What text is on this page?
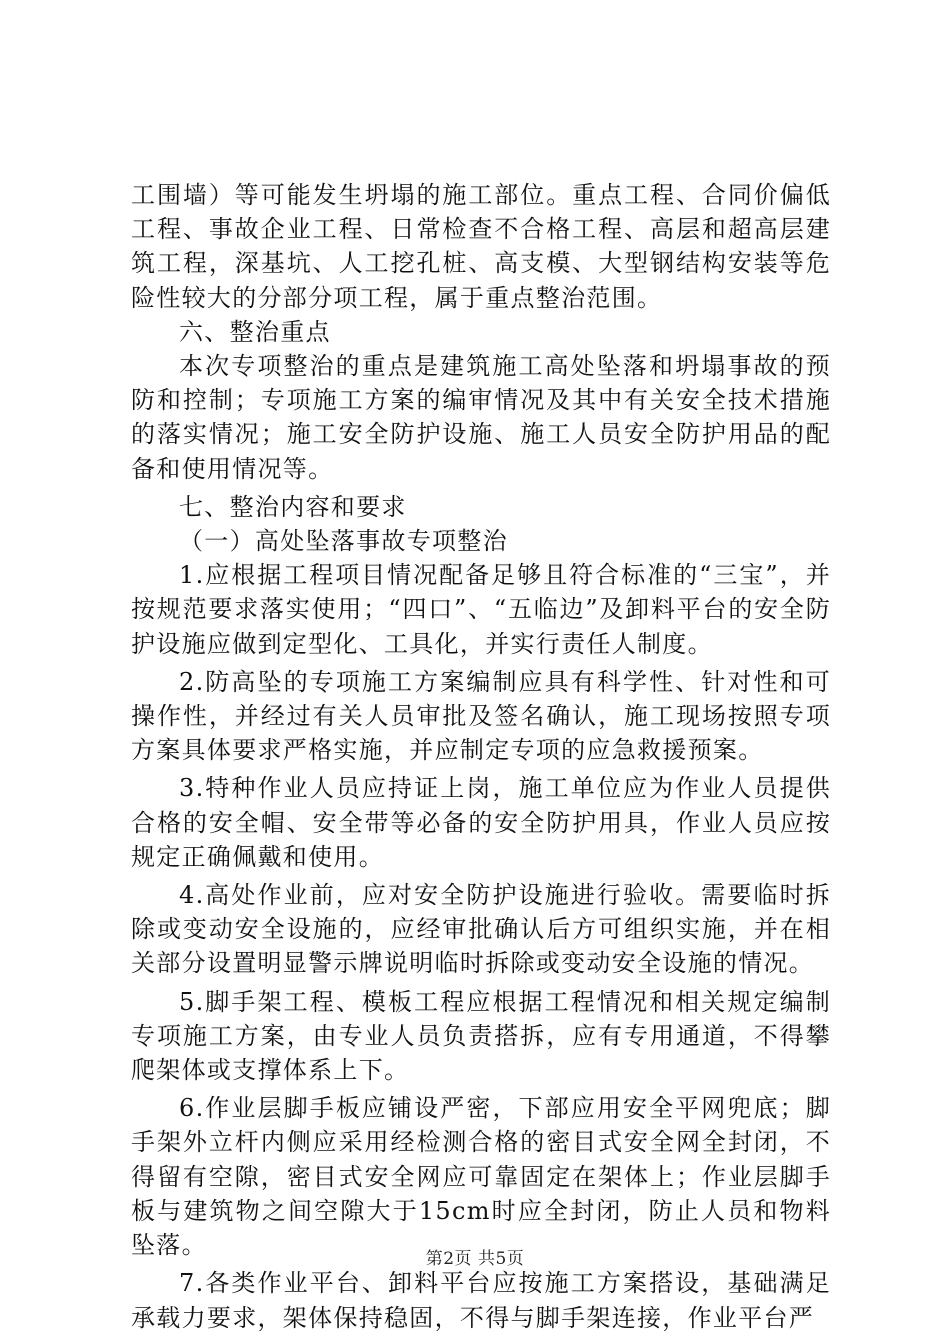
工围墙）等可能发生坍塌的施工部位。重点工程、合同价偏低工程、事故企业工程、日常检查不合格工程、高层和超高层建筑工程，深基坑、人工挖孔桩、高支模、大型钢结构安装等危险性较大的分部分项工程，属于重点整治范围。

六、整治重点

本次专项整治的重点是建筑施工高处坠落和坍塌事故的预防和控制；专项施工方案的编审情况及其中有关安全技术措施的落实情况；施工安全防护设施、施工人员安全防护用品的配备和使用情况等。

七、整治内容和要求

（一）高处坠落事故专项整治

1.应根据工程项目情况配备足够且符合标准的“三宝”，并按规范要求落实使用；“四口”、“五临边”及卸料平台的安全防护设施应做到定型化、工具化，并实行责任人制度。

2.防高坠的专项施工方案编制应具有科学性、针对性和可操作性，并经过有关人员审批及签名确认，施工现场按照专项方案具体要求严格实施，并应制定专项的应急救援预案。

3.特种作业人员应持证上岗，施工单位应为作业人员提供合格的安全帽、安全带等必备的安全防护用具，作业人员应按规定正确佩戴和使用。

4.高处作业前，应对安全防护设施进行验收。需要临时拆除或变动安全设施的，应经审批确认后方可组织实施，并在相关部分设置明显警示牌说明临时拆除或变动安全设施的情况。

5.脚手架工程、模板工程应根据工程情况和相关规定编制专项施工方案，由专业人员负责搭拆，应有专用通道，不得攀爬架体或支撑体系上下。

6.作业层脚手板应铺设严密，下部应用安全平网兜底；脚手架外立杆内侧应采用经检测合格的密目式安全网全封闭，不得留有空隙，密目式安全网应可靠固定在架体上；作业层脚手板与建筑物之间空隙大于15cm时应全封闭，防止人员和物料坠落。

7.各类作业平台、卸料平台应按施工方案搭设，基础满足承载力要求，架体保持稳固，不得与脚手架连接，作业平台严

第2页 共5页
